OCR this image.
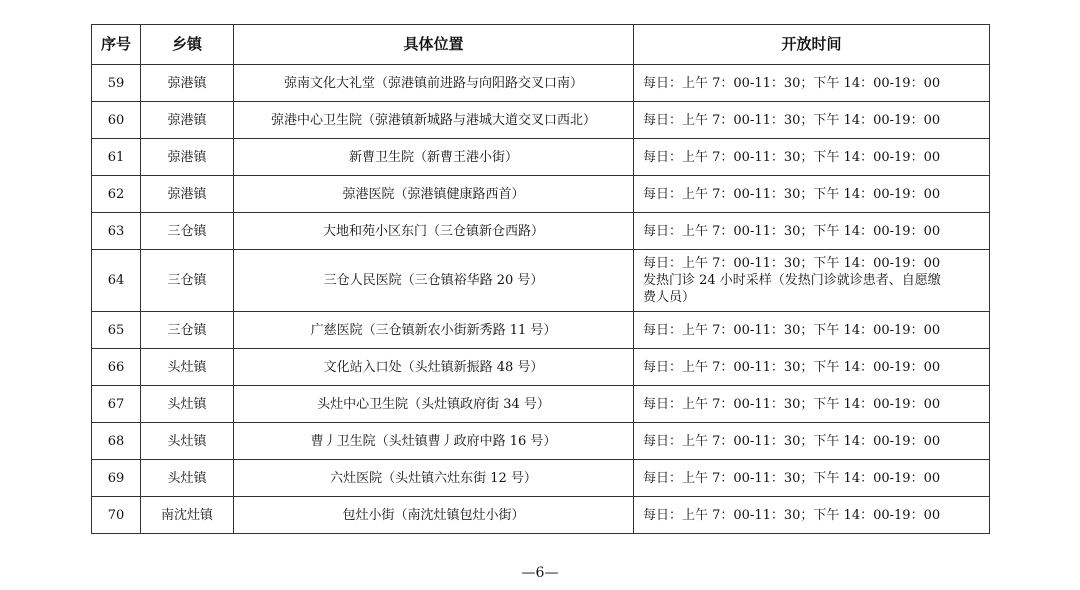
序号	乡镇	具体位置	开放时间
59	弶港镇	弶南文化大礼堂（弶港镇前进路与向阳路交叉口南）	每日：上午 7：00-11：30；下午 14：00-19：00

60	弶港镇	弶港中心卫生院（弶港镇新城路与港城大道交叉口西北）	每日：上午 7：00-11：30；下午 14：00-19：00

61	弶港镇	新曹卫生院（新曹王港小街）	每日：上午 7：00-11：30；下午 14：00-19：00

62	弶港镇	弶港医院（弶港镇健康路西首）	每日：上午 7：00-11：30；下午 14：00-19：00

63	三仓镇	大地和苑小区东门（三仓镇新仓西路）	每日：上午 7：00-11：30；下午 14：00-19：00

64	三仓镇	三仓人民医院（三仓镇裕华路 20 号）	每日：上午 7：00-11：30；下午 14：00-19：00
发热门诊 24 小时采样（发热门诊就诊患者、自愿缴
费人员）

65	三仓镇	广慈医院（三仓镇新农小街新秀路 11 号）	每日：上午 7：00-11：30；下午 14：00-19：00

66	头灶镇	文化站入口处（头灶镇新振路 48 号）	每日：上午 7：00-11：30；下午 14：00-19：00

67	头灶镇	头灶中心卫生院（头灶镇政府街 34 号）	每日：上午 7：00-11：30；下午 14：00-19：00

68	头灶镇	曹丿卫生院（头灶镇曹丿政府中路 16 号）	每日：上午 7：00-11：30；下午 14：00-19：00

69	头灶镇	六灶医院（头灶镇六灶东街 12 号）	每日：上午 7：00-11：30；下午 14：00-19：00

70	南沈灶镇	包灶小街（南沈灶镇包灶小街）	每日：上午 7：00-11：30；下午 14：00-19：00
—6—
